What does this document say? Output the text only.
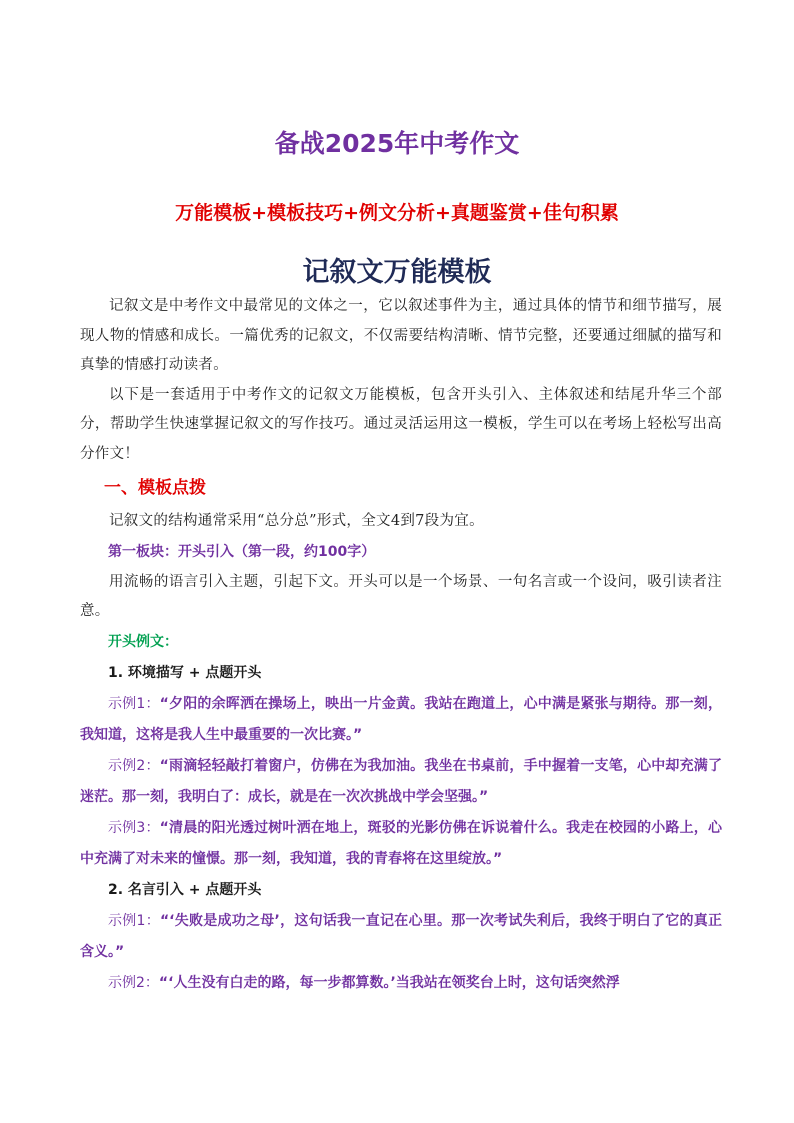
备战2025年中考作文
万能模板+模板技巧+例文分析+真题鉴赏+佳句积累
记叙文万能模板

记叙文是中考作文中最常见的文体之一，它以叙述事件为主，通过具体的情节和细节描写，展现人物的情感和成长。一篇优秀的记叙文，不仅需要结构清晰、情节完整，还要通过细腻的描写和真挚的情感打动读者。

以下是一套适用于中考作文的记叙文万能模板，包含开头引入、主体叙述和结尾升华三个部分，帮助学生快速掌握记叙文的写作技巧。通过灵活运用这一模板，学生可以在考场上轻松写出高分作文！

一、模板点拨

记叙文的结构通常采用“总分总”形式，全文4到7段为宜。

第一板块：开头引入（第一段，约100字）

用流畅的语言引入主题，引起下文。开头可以是一个场景、一句名言或一个设问，吸引读者注意。

开头例文：

1. 环境描写 + 点题开头

示例1：“夕阳的余晖洒在操场上，映出一片金黄。我站在跑道上，心中满是紧张与期待。那一刻，我知道，这将是我人生中最重要的一次比赛。”

示例2：“雨滴轻轻敲打着窗户，仿佛在为我加油。我坐在书桌前，手中握着一支笔，心中却充满了迷茫。那一刻，我明白了：成长，就是在一次次挑战中学会坚强。”

示例3：“清晨的阳光透过树叶洒在地上，斑驳的光影仿佛在诉说着什么。我走在校园的小路上，心中充满了对未来的憧憬。那一刻，我知道，我的青春将在这里绽放。”

2. 名言引入 + 点题开头

示例1：“‘失败是成功之母’，这句话我一直记在心里。那一次考试失利后，我终于明白了它的真正含义。”

示例2：“‘人生没有白走的路，每一步都算数。’当我站在领奖台上时，这句话突然浮
